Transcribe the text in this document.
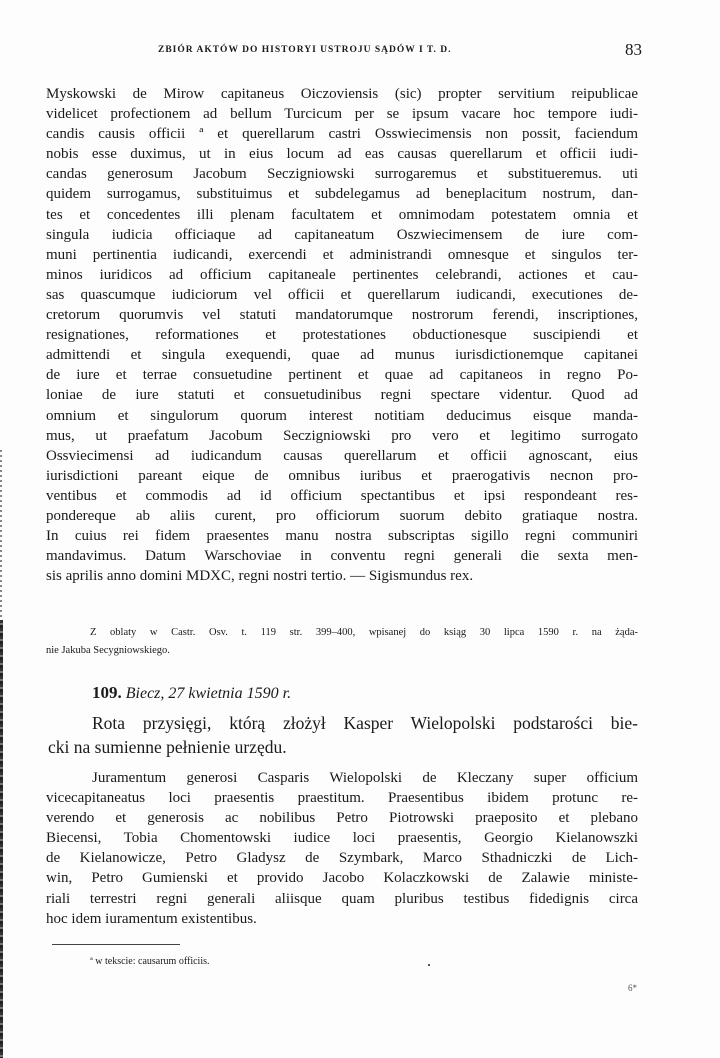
ZBIÓR AKTÓW DO HISTORYI USTROJU SĄDÓW I T. D.	83
Myskowski de Mirow capitaneus Oiczoviensis (sic) propter servitium reipublicae
videlicet profectionem ad bellum Turcicum per se ipsum vacare hoc tempore iudi-
candis causis officii ª et querellarum castri Osswiecimensis non possit, faciendum
nobis esse duximus, ut in eius locum ad eas causas querellarum et officii iudi-
candas generosum Jacobum Seczigniowski surrogaremus et substitueremus. uti
quidem surrogamus, substituimus et subdelegamus ad beneplacitum nostrum, dan-
tes et concedentes illi plenam facultatem et omnimodam potestatem omnia et
singula iudicia officiaque ad capitaneatum Oszwiecimensem de iure com-
muni pertinentia iudicandi, exercendi et administrandi omnesque et singulos ter-
minos iuridicos ad officium capitaneale pertinentes celebrandi, actiones et cau-
sas quascumque iudiciorum vel officii et querellarum iudicandi, executiones de-
cretorum quorumvis vel statuti mandatorumque nostrorum ferendi, inscriptiones,
resignationes, reformationes et protestationes obductionesque suscipiendi et
admittendi et singula exequendi, quae ad munus iurisdictionemque capitanei
de iure et terrae consuetudine pertinent et quae ad capitaneos in regno Po-
loniae de iure statuti et consuetudinibus regni spectare videntur. Quod ad
omnium et singulorum quorum interest notitiam deducimus eisque manda-
mus, ut praefatum Jacobum Seczigniowski pro vero et legitimo surrogato
Ossviecimensi ad iudicandum causas querellarum et officii agnoscant, eius
iurisdictioni pareant eique de omnibus iuribus et praerogativis necnon pro-
ventibus et commodis ad id officium spectantibus et ipsi respondeant res-
pondereque ab aliis curent, pro officiorum suorum debito gratiaque nostra.
In cuius rei fidem praesentes manu nostra subscriptas sigillo regni communiri
mandavimus. Datum Warschoviae in conventu regni generali die sexta men-
sis aprilis anno domini MDXC, regni nostri tertio. — Sigismundus rex.
Z oblaty w Castr. Osv. t. 119 str. 399–400, wpisanej do ksiąg 30 lipca 1590 r. na żąda-
nie Jakuba Secygniowskiego.
109. Biecz, 27 kwietnia 1590 r.
Rota przysięgi, którą złożył Kasper Wielopolski podstarości bie-
cki na sumienne pełnienie urzędu.
Juramentum generosi Casparis Wielopolski de Kleczany super officium
vicecapitaneatus loci praesentis praestitum. Praesentibus ibidem protunc re-
verendo et generosis ac nobilibus Petro Piotrowski praeposito et plebano
Biecensi, Tobia Chomentowski iudice loci praesentis, Georgio Kielanowszki
de Kielanowicze, Petro Gladysz de Szymbark, Marco Sthadniczki de Lich-
win, Petro Gumienski et provido Jacobo Kolaczkowski de Zalawie ministe-
riali terrestri regni generali aliisque quam pluribus testibus fidedignis circa
hoc idem iuramentum existentibus.
ª w tekscie: causarum officiis.
6*
